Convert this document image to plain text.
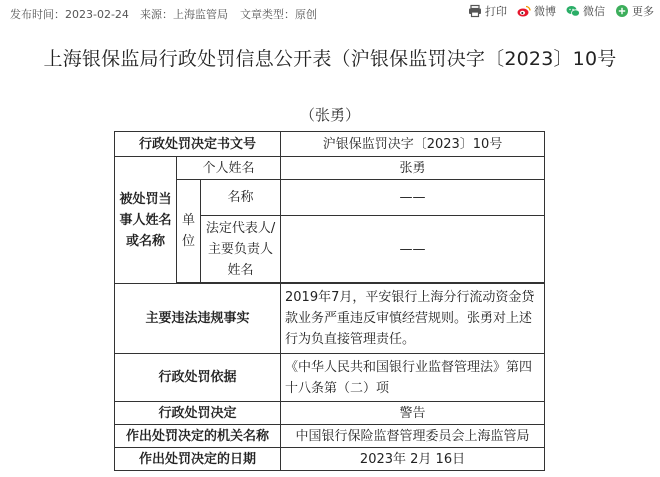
发布时间：2023-02-24 来源：上海监管局 文章类型：原创	打印 微博 微信 更多
上海银保监局行政处罚信息公开表（沪银保监罚决字〔2023〕10号
（张勇）
行政处罚决定书文号			沪银保监罚决字〔2023〕10号
被处罚当事人姓名或名称	个人姓名		张勇
	单位	名称	——
		法定代表人/主要负责人姓名	——

主要违法违规事实			2019年7月，平安银行上海分行流动资金贷款业务严重违反审慎经营规则。张勇对上述行为负直接管理责任。
行政处罚依据			《中华人民共和国银行业监督管理法》第四十八条第（二）项
行政处罚决定			警告
作出处罚决定的机关名称			中国银行保险监督管理委员会上海监管局
作出处罚决定的日期			2023年 2月 16日
